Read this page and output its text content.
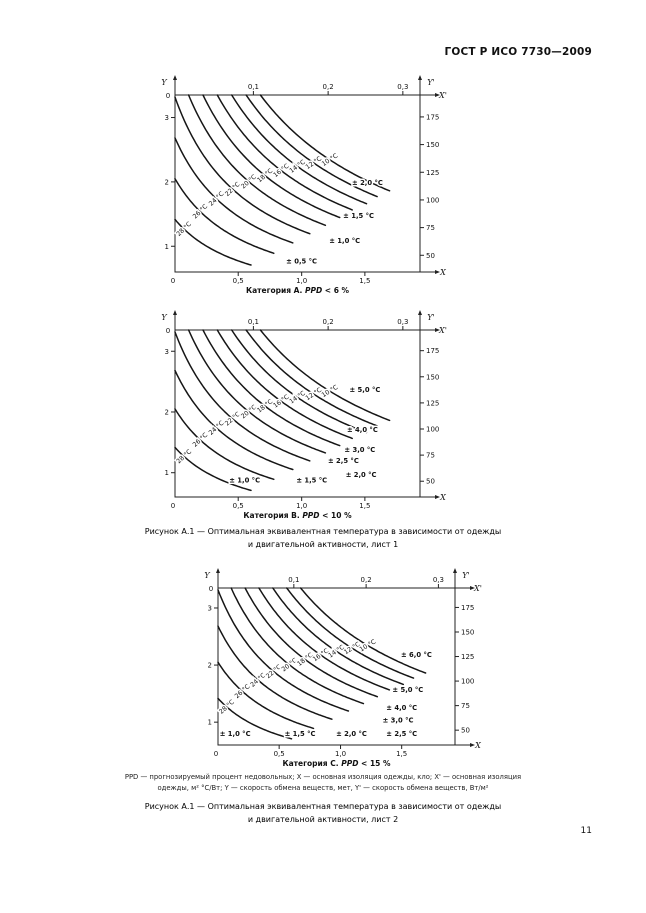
ГОСТ Р ИСО 7730—2009
Y	Y'
X'
X
0
0,1	0,2	0,3
0	0,5	1,0	1,5
1
2
3	175
150
125
100
75
50
28 °С
26 °С
24 °С
22 °С
20 °С
18 °С
16 °С
14 °С
12 °С
10 °С
± 2,0 °С
± 1,5 °С
± 1,0 °С
± 0,5 °С
Категория А. PPD < 6 %
Y	Y'
X'
X
0
0,1	0,2	0,3
0	0,5	1,0	1,5
1
2
3	175
150
125
100
75
50
28 °С
26 °С
24 °С
22 °С
20 °С
18 °С
16 °С
14 °С
12 °С
10 °С ± 5,0 °С
± 4,0 °С
± 3,0 °С
± 2,5 °С
± 2,0 °С
± 1,5 °С
± 1,0 °С
Категория В. PPD < 10 %
Рисунок А.1 — Оптимальная эквивалентная температура в зависимости от одежды
и двигательной активности, лист 1
Y	Y'
X'
X
0
0,1	0,2	0,3
0	0,5	1,0	1,5
1
2
3	175
150
125
100
75
50
28 °С
26 °С
24 °С
22 °С
20 °С
18 °С
16 °С
14 °С
12 °С
10 °С
± 6,0 °С
± 5,0 °С
± 4,0 °С
± 3,0 °С
± 2,5 °С
± 2,0 °С
± 1,5 °С
± 1,0 °С
Категория С. PPD < 15 %
PPD — прогнозируемый процент недовольных; X — основная изоляция одежды, кло; X' — основная изоляция
одежды, м² °С/Вт; Y — скорость обмена веществ, мет, Y' — скорость обмена веществ, Вт/м²
Рисунок А.1 — Оптимальная эквивалентная температура в зависимости от одежды
и двигательной активности, лист 2
11
